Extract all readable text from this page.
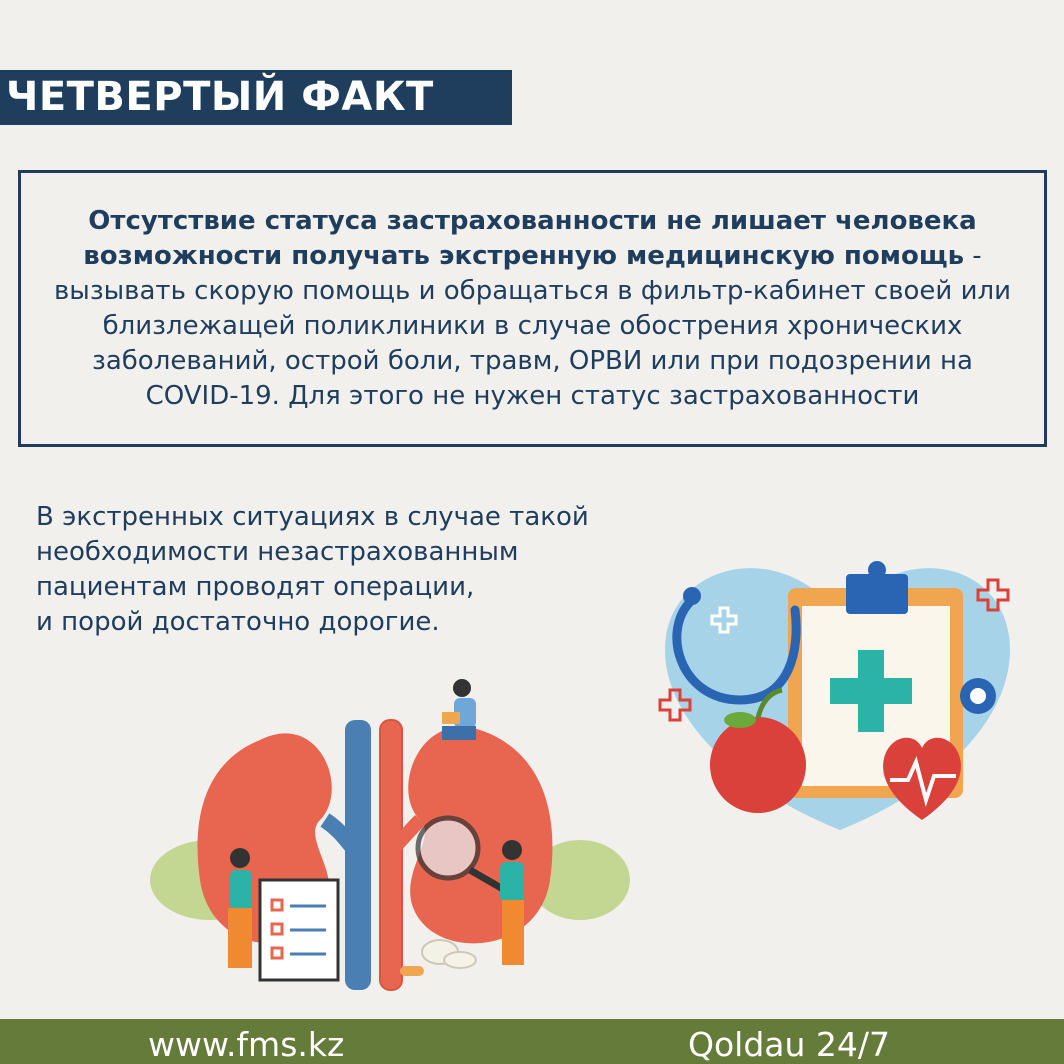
ЧЕТВЕРТЫЙ ФАКТ

Отсутствие статуса застрахованности не лишает человека возможности получать экстренную медицинскую помощь - вызывать скорую помощь и обращаться в фильтр-кабинет своей или близлежащей поликлиники в случае обострения хронических заболеваний, острой боли, травм, ОРВИ или при подозрении на COVID-19. Для этого не нужен статус застрахованности

В экстренных ситуациях в случае такой
необходимости незастрахованным
пациентам проводят операции,
и порой достаточно дорогие.
www.fms.kz	Qoldau 24/7
